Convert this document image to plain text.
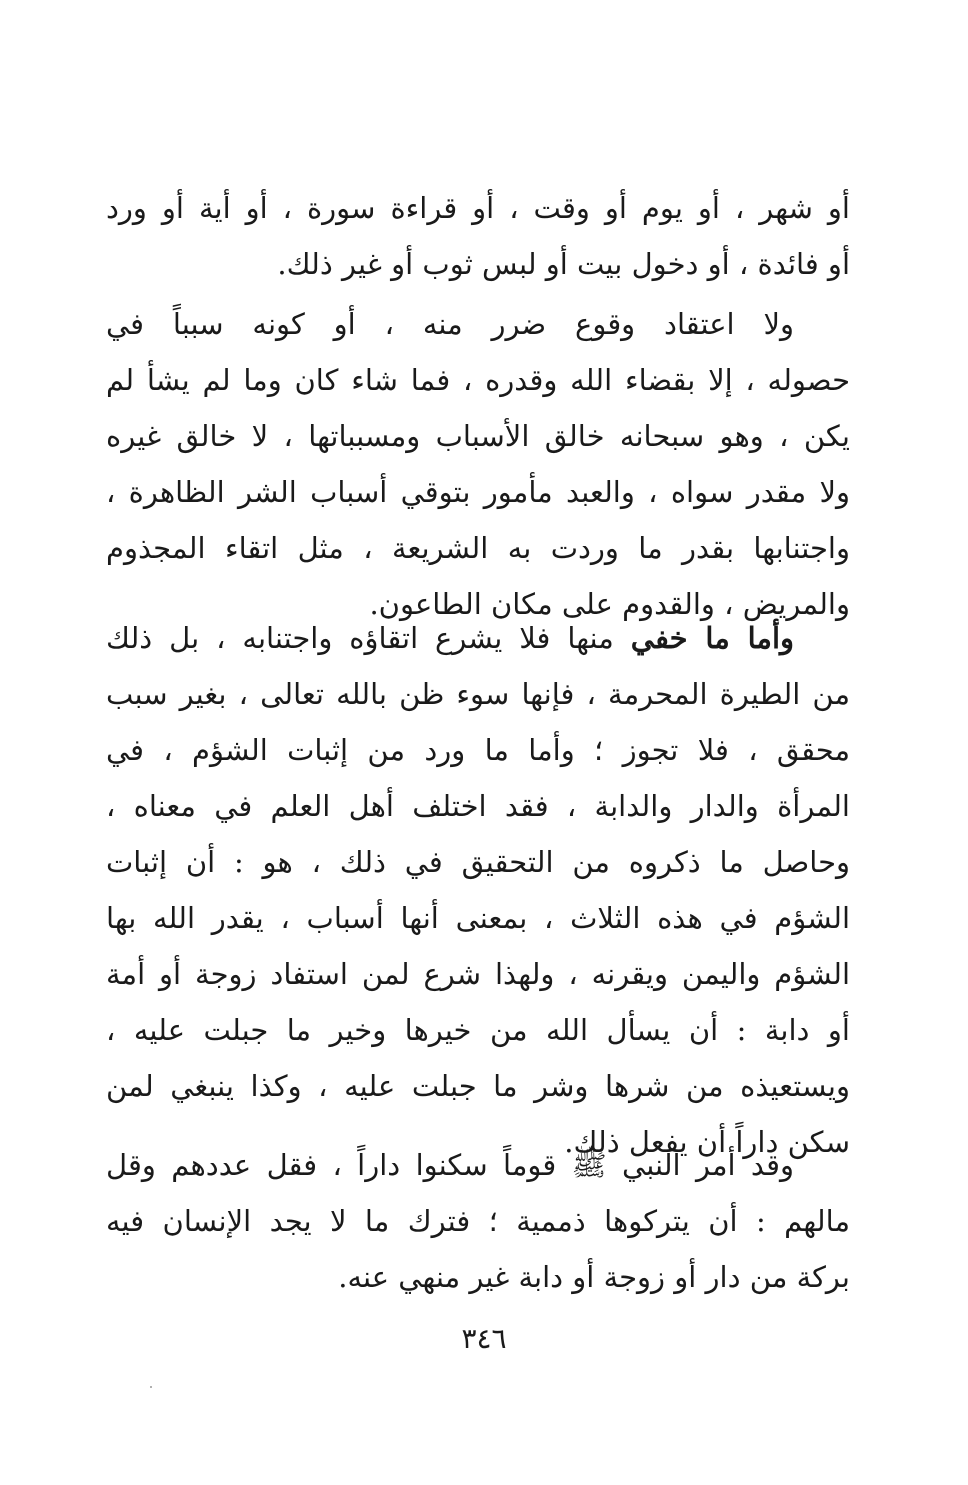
أو شهر ، أو يوم أو وقت ، أو قراءة سورة ، أو أية أو ورد
أو فائدة ، أو دخول بيت أو لبس ثوب أو غير ذلك.
ولا اعتقاد وقوع ضرر منه ، أو كونه سبباً في
حصوله ، إلا بقضاء الله وقدره ، فما شاء كان وما لم يشأ لم
يكن ، وهو سبحانه خالق الأسباب ومسبباتها ، لا خالق غيره
ولا مقدر سواه ، والعبد مأمور بتوقي أسباب الشر الظاهرة ،
واجتنابها بقدر ما وردت به الشريعة ، مثل اتقاء المجذوم
والمريض ، والقدوم على مكان الطاعون.
وأما ما خفي منها فلا يشرع اتقاؤه واجتنابه ، بل ذلك
من الطيرة المحرمة ، فإنها سوء ظن بالله تعالى ، بغير سبب
محقق ، فلا تجوز ؛ وأما ما ورد من إثبات الشؤم ، في
المرأة والدار والدابة ، فقد اختلف أهل العلم في معناه ،
وحاصل ما ذكروه من التحقيق في ذلك ، هو : أن إثبات
الشؤم في هذه الثلاث ، بمعنى أنها أسباب ، يقدر الله بها
الشؤم واليمن ويقرنه ، ولهذا شرع لمن استفاد زوجة أو أمة
أو دابة : أن يسأل الله من خيرها وخير ما جبلت عليه ،
ويستعيذه من شرها وشر ما جبلت عليه ، وكذا ينبغي لمن
سكن داراً أن يفعل ذلك.
وقد أمر النبي ﷺ قوماً سكنوا داراً ، فقل عددهم وقل
مالهم : أن يتركوها ذممية ؛ فترك ما لا يجد الإنسان فيه
بركة من دار أو زوجة أو دابة غير منهي عنه.
٣٤٦
